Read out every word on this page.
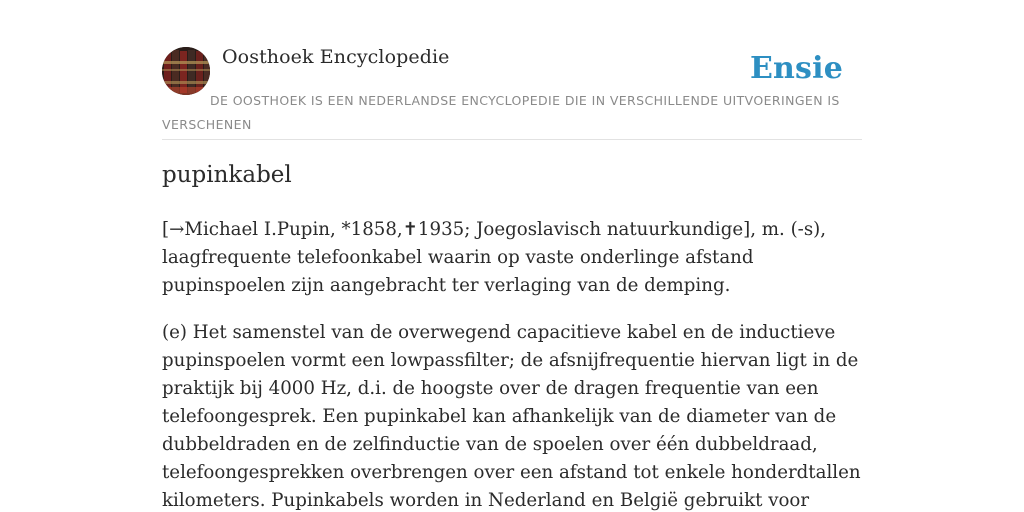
Oosthoek Encyclopedie	Ensie
DE OOSTHOEK IS EEN NEDERLANDSE ENCYCLOPEDIE DIE IN VERSCHILLENDE UITVOERINGEN IS VERSCHENEN
pupinkabel

[→Michael I.Pupin, *1858,✝1935; Joegoslavisch natuurkundige], m. (-s), laagfrequente telefoonkabel waarin op vaste onderlinge afstand pupinspoelen zijn aangebracht ter verlaging van de demping.

(e) Het samenstel van de overwegend capacitieve kabel en de inductieve pupinspoelen vormt een lowpassfilter; de afsnijfrequentie hiervan ligt in de praktijk bij 4000 Hz, d.i. de hoogste over de dragen frequentie van een telefoongesprek. Een pupinkabel kan afhankelijk van de diameter van de dubbeldraden en de zelfinductie van de spoelen over één dubbeldraad, telefoongesprekken overbrengen over een afstand tot enkele honderdtallen kilometers. Pupinkabels worden in Nederland en België gebruikt voor
